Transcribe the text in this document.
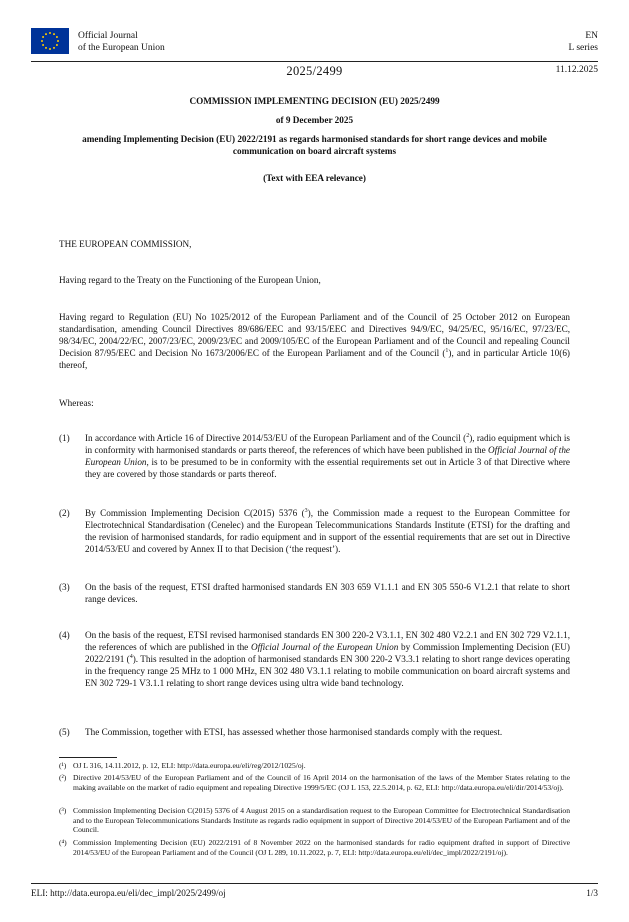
Official Journal
of the European Union
EN
L series
2025/2499	11.12.2025
COMMISSION IMPLEMENTING DECISION (EU) 2025/2499
of 9 December 2025
amending Implementing Decision (EU) 2022/2191 as regards harmonised standards for short range devices and mobile communication on board aircraft systems
(Text with EEA relevance)
THE EUROPEAN COMMISSION,
Having regard to the Treaty on the Functioning of the European Union,
Having regard to Regulation (EU) No 1025/2012 of the European Parliament and of the Council of 25 October 2012 on European standardisation, amending Council Directives 89/686/EEC and 93/15/EEC and Directives 94/9/EC, 94/25/EC, 95/16/EC, 97/23/EC, 98/34/EC, 2004/22/EC, 2007/23/EC, 2009/23/EC and 2009/105/EC of the European Parliament and of the Council and repealing Council Decision 87/95/EEC and Decision No 1673/2006/EC of the European Parliament and of the Council ($^1$), and in particular Article 10(6) thereof,
Whereas:
(1) In accordance with Article 16 of Directive 2014/53/EU of the European Parliament and of the Council ($^2$), radio equipment which is in conformity with harmonised standards or parts thereof, the references of which have been published in the Official Journal of the European Union, is to be presumed to be in conformity with the essential requirements set out in Article 3 of that Directive where they are covered by those standards or parts thereof.
(2) By Commission Implementing Decision C(2015) 5376 ($^3$), the Commission made a request to the European Committee for Electrotechnical Standardisation (Cenelec) and the European Telecommunications Standards Institute (ETSI) for the drafting and the revision of harmonised standards, for radio equipment and in support of the essential requirements that are set out in Directive 2014/53/EU and covered by Annex II to that Decision (‘the request’).
(3) On the basis of the request, ETSI drafted harmonised standards EN 303 659 V1.1.1 and EN 305 550-6 V1.2.1 that relate to short range devices.
(4) On the basis of the request, ETSI revised harmonised standards EN 300 220-2 V3.1.1, EN 302 480 V2.2.1 and EN 302 729 V2.1.1, the references of which are published in the Official Journal of the European Union by Commission Implementing Decision (EU) 2022/2191 ($^4$). This resulted in the adoption of harmonised standards EN 300 220-2 V3.3.1 relating to short range devices operating in the frequency range 25 MHz to 1 000 MHz, EN 302 480 V3.1.1 relating to mobile communication on board aircraft systems and EN 302 729-1 V3.1.1 relating to short range devices using ultra wide band technology.
(5) The Commission, together with ETSI, has assessed whether those harmonised standards comply with the request.
(¹) OJ L 316, 14.11.2012, p. 12, ELI: http://data.europa.eu/eli/reg/2012/1025/oj.
(²) Directive 2014/53/EU of the European Parliament and of the Council of 16 April 2014 on the harmonisation of the laws of the Member States relating to the making available on the market of radio equipment and repealing Directive 1999/5/EC (OJ L 153, 22.5.2014, p. 62, ELI: http://data.europa.eu/eli/dir/2014/53/oj).
(³) Commission Implementing Decision C(2015) 5376 of 4 August 2015 on a standardisation request to the European Committee for Electrotechnical Standardisation and to the European Telecommunications Standards Institute as regards radio equipment in support of Directive 2014/53/EU of the European Parliament and of the Council.
(⁴) Commission Implementing Decision (EU) 2022/2191 of 8 November 2022 on the harmonised standards for radio equipment drafted in support of Directive 2014/53/EU of the European Parliament and of the Council (OJ L 289, 10.11.2022, p. 7, ELI: http://data.europa.eu/eli/dec_impl/2022/2191/oj).
ELI: http://data.europa.eu/eli/dec_impl/2025/2499/oj	1/3
